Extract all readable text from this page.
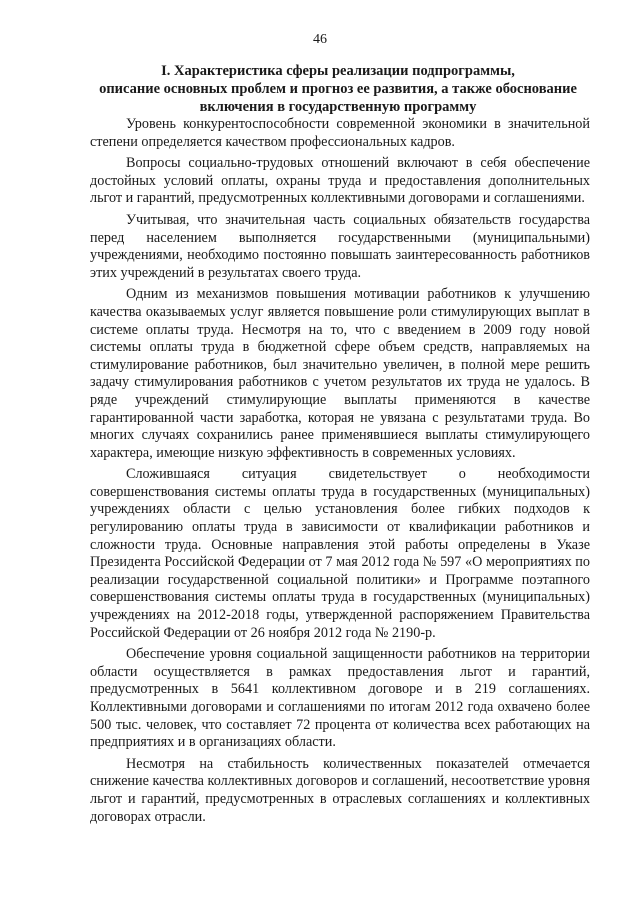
46
I. Характеристика сферы реализации подпрограммы,
описание основных проблем и прогноз ее развития, а также обоснование
включения в государственную программу

Уровень конкурентоспособности современной экономики в значительной степени определяется качеством профессиональных кадров.

Вопросы социально-трудовых отношений включают в себя обеспечение достойных условий оплаты, охраны труда и предоставления дополнительных льгот и гарантий, предусмотренных коллективными договорами и соглашениями.

Учитывая, что значительная часть социальных обязательств государства перед населением выполняется государственными (муниципальными) учреждениями, необходимо постоянно повышать заинтересованность работников этих учреждений в результатах своего труда.

Одним из механизмов повышения мотивации работников к улучшению качества оказываемых услуг является повышение роли стимулирующих выплат в системе оплаты труда. Несмотря на то, что с введением в 2009 году новой системы оплаты труда в бюджетной сфере объем средств, направляемых на стимулирование работников, был значительно увеличен, в полной мере решить задачу стимулирования работников с учетом результатов их труда не удалось. В ряде учреждений стимулирующие выплаты применяются в качестве гарантированной части заработка, которая не увязана с результатами труда. Во многих случаях сохранились ранее применявшиеся выплаты стимулирующего характера, имеющие низкую эффективность в современных условиях.

Сложившаяся ситуация свидетельствует о необходимости совершенствования системы оплаты труда в государственных (муниципальных) учреждениях области с целью установления более гибких подходов к регулированию оплаты труда в зависимости от квалификации работников и сложности труда. Основные направления этой работы определены в Указе Президента Российской Федерации от 7 мая 2012 года № 597 «О мероприятиях по реализации государственной социальной политики» и Программе поэтапного совершенствования системы оплаты труда в государственных (муниципальных) учреждениях на 2012-2018 годы, утвержденной распоряжением Правительства Российской Федерации от 26 ноября 2012 года № 2190-р.

Обеспечение уровня социальной защищенности работников на территории области осуществляется в рамках предоставления льгот и гарантий, предусмотренных в 5641 коллективном договоре и в 219 соглашениях. Коллективными договорами и соглашениями по итогам 2012 года охвачено более 500 тыс. человек, что составляет 72 процента от количества всех работающих на предприятиях и в организациях области.

Несмотря на стабильность количественных показателей отмечается снижение качества коллективных договоров и соглашений, несоответствие уровня льгот и гарантий, предусмотренных в отраслевых соглашениях и коллективных договорах отрасли.
